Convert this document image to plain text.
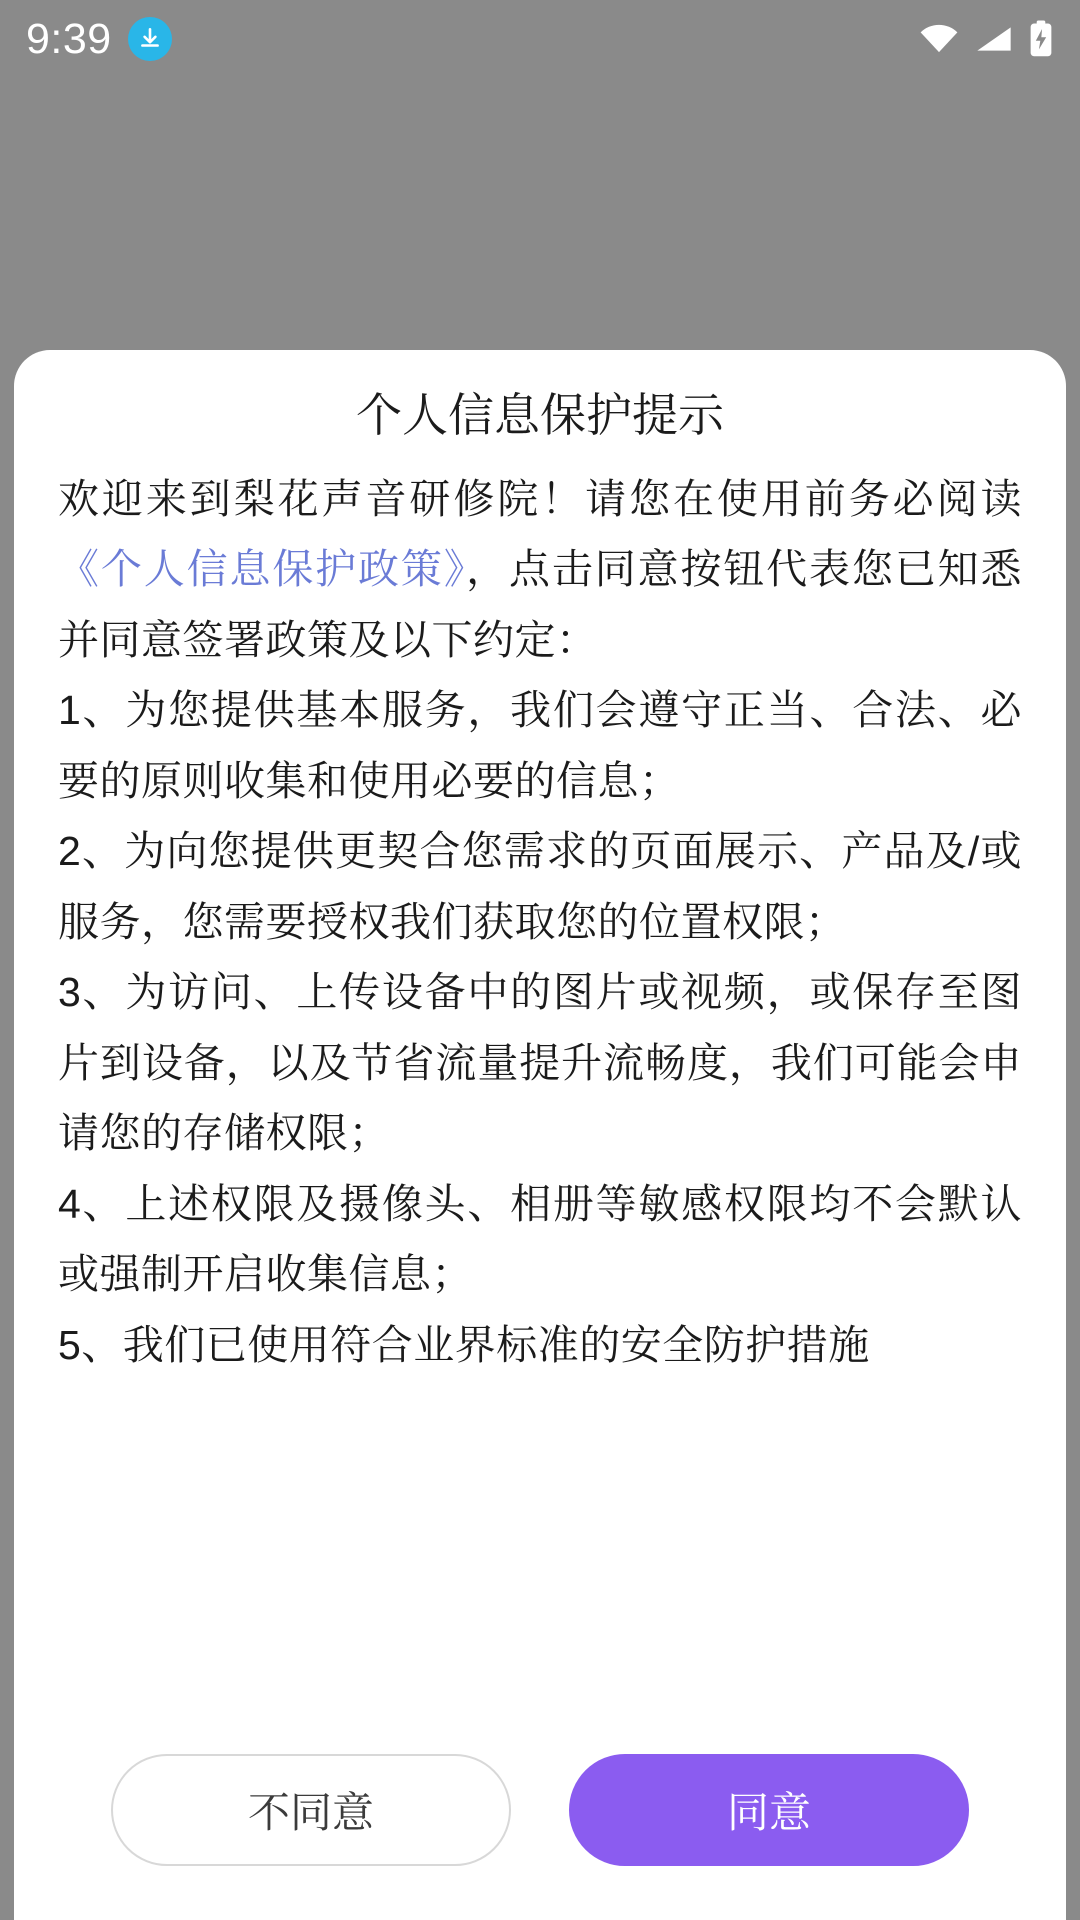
9:39
个人信息保护提示

欢迎来到梨花声音研修院！请您在使用前务必阅读《个人信息保护政策》，点击同意按钮代表您已知悉并同意签署政策及以下约定：

1、为您提供基本服务，我们会遵守正当、合法、必要的原则收集和使用必要的信息；

2、为向您提供更契合您需求的页面展示、产品及/或服务，您需要授权我们获取您的位置权限；

3、为访问、上传设备中的图片或视频，或保存至图片到设备，以及节省流量提升流畅度，我们可能会申请您的存储权限；

4、上述权限及摄像头、相册等敏感权限均不会默认或强制开启收集信息；

5、我们已使用符合业界标准的安全防护措施

不同意	同意
